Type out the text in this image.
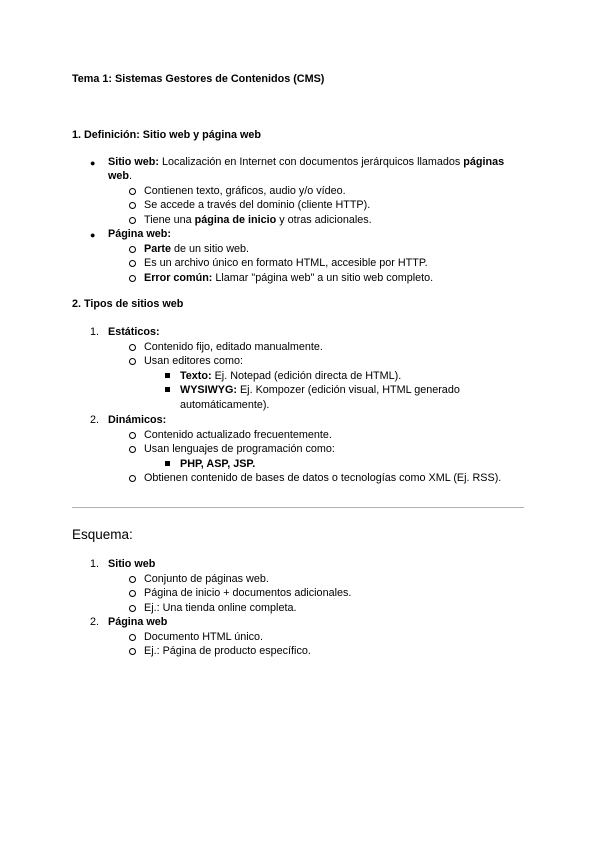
Tema 1: Sistemas Gestores de Contenidos (CMS)
1. Definición: Sitio web y página web
● Sitio web: Localización en Internet con documentos jerárquicos llamados páginas
web.
Contienen texto, gráficos, audio y/o vídeo.
Se accede a través del dominio (cliente HTTP).
Tiene una página de inicio y otras adicionales.
● Página web:
Parte de un sitio web.
Es un archivo único en formato HTML, accesible por HTTP.
Error común: Llamar "página web" a un sitio web completo.
2. Tipos de sitios web
1. Estáticos:
Contenido fijo, editado manualmente.
Usan editores como:
Texto: Ej. Notepad (edición directa de HTML).
WYSIWYG: Ej. Kompozer (edición visual, HTML generado
automáticamente).
2. Dinámicos:
Contenido actualizado frecuentemente.
Usan lenguajes de programación como:
PHP, ASP, JSP.
Obtienen contenido de bases de datos o tecnologías como XML (Ej. RSS).
Esquema:
1. Sitio web
Conjunto de páginas web.
Página de inicio + documentos adicionales.
Ej.: Una tienda online completa.
2. Página web
Documento HTML único.
Ej.: Página de producto específico.
